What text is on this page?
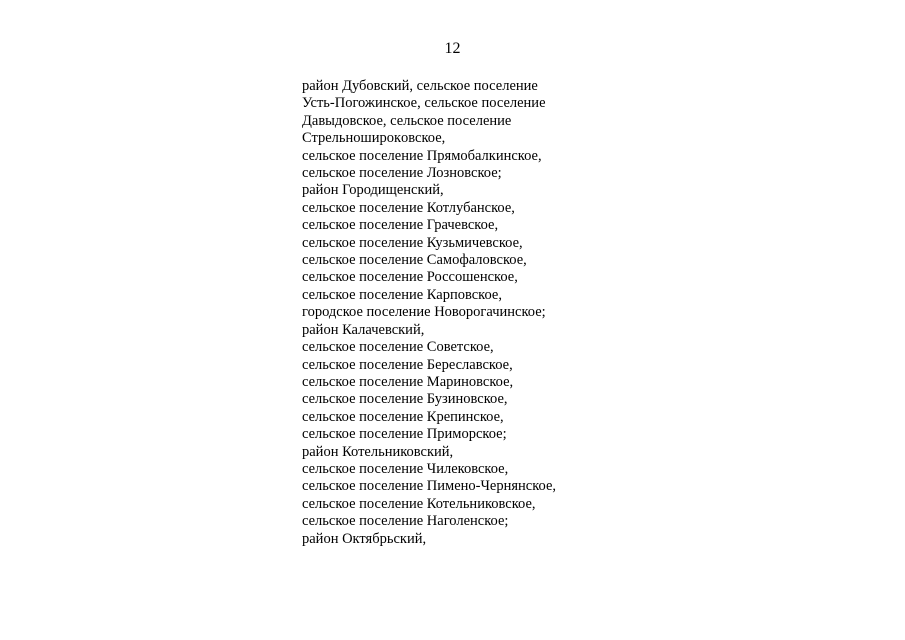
12
район Дубовский, сельское поселение
Усть-Погожинское, сельское поселение
Давыдовское, сельское поселение
Стрельноширокoвское,
сельское поселение Прямобалкинское,
сельское поселение Лозновское;
район Городищенский,
сельское поселение Котлубанское,
сельское поселение Грачевское,
сельское поселение Кузьмичевское,
сельское поселение Самофаловское,
сельское поселение Россошенское,
сельское поселение Карповское,
городское поселение Новорогачинское;
район Калачевский,
сельское поселение Советское,
сельское поселение Береславское,
сельское поселение Мариновское,
сельское поселение Бузиновское,
сельское поселение Крепинское,
сельское поселение Приморское;
район Котельниковский,
сельское поселение Чилековское,
сельское поселение Пимено-Чернянское,
сельское поселение Котельниковское,
сельское поселение Наголенское;
район Октябрьский,
